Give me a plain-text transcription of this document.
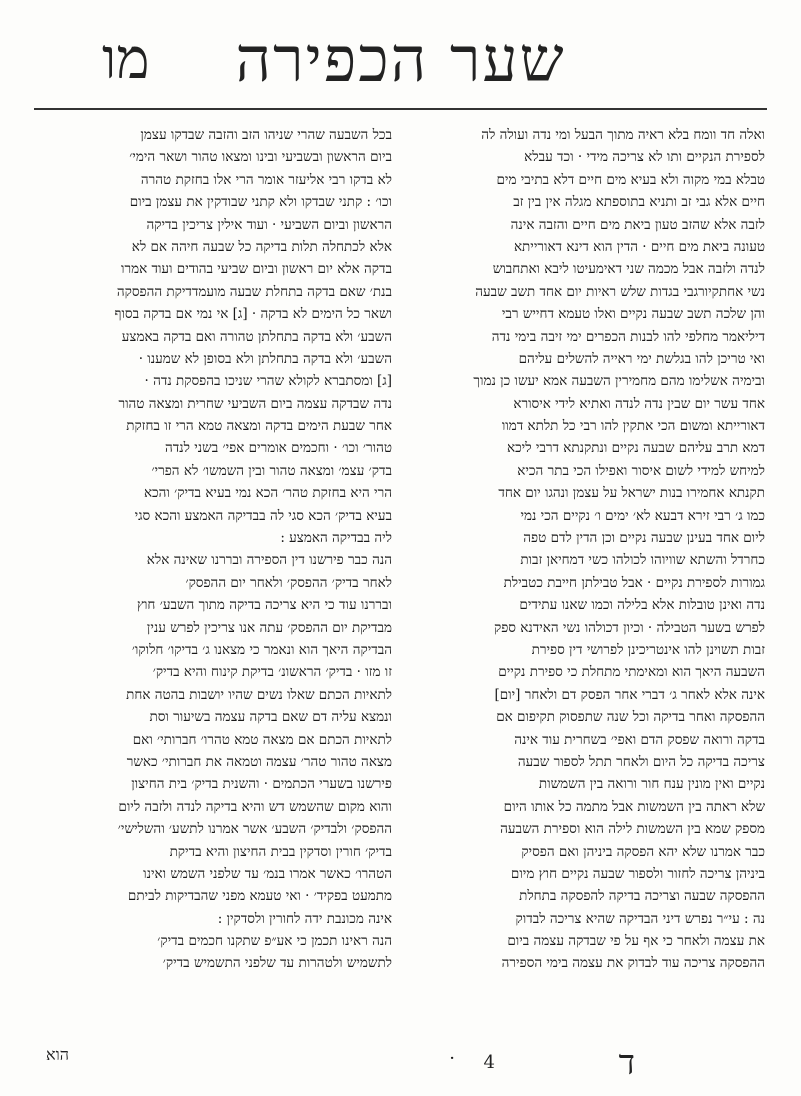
שער הכפירה
מו
ואלה חד וומח בלא ראיה מתוך הבעל ומי נדה ועולה לה
לספירת הנקיים ותו לא צריכה מידי · וכד עבלא
טבלא במי מקוה ולא בעיא מים חיים דלא בתיבי מים
חיים אלא גבי זב ותניא בתוספתא מגלה אין בין זב
לזבה אלא שהזב טעון ביאת מים חיים והזבה אינה
טעונה ביאת מים חיים · הדין הוא דינא דאורייתא
לנדה ולזבה אבל מכמה שני דאימעיטו ליבא ואתחבוש
נשי אחתקיורגבי בגדות שלש ראיות יום אחד תשב שבעה
והן שלכה תשב שבעה נקיים ואלו טעמא דחייש רבי
דיליאמר מחלפי להו לבנות הכפרים ימי זיבה בימי נדה
ואי טריכן להו בגלשת ימי ראייה להשלים עליהם
ובימיה אשלימו מהם מחמירין השבעה אמא יעשו כן נמוך
אחד עשר יום שבין נדה לנדה ואתיא לידי איסורא
דאורייתא ומשום הכי אתקין להו רבי כל תלתא דמוו
דמא תרב עליהם שבעה נקיים ונתקנתא דרבי ליכא
למיחש למידי לשום איסור ואפילו הכי בתר הכיא
תקנתא אחמירו בנות ישראל על עצמן ונהגו יום אחד
כמו ג׳ רבי זירא דבעא לא׳ ימים ו׳ נקיים הכי נמי
ליום אחד בעינן שבעה נקיים וכן הדין לדם טפה
כחרדל והשתא שוויוהו לכולהו כשי דמחיאן זבות
גמורות לספירת נקיים · אבל טבילתן חייבת כטבילת
נדה ואינן טובלות אלא בלילה וכמו שאנו עתידים
לפרש בשער הטבילה · וכיון דכולהו נשי האידנא ספק
זבות תשוינן להו אינטריכינן לפרושי דין ספירת
השבעה היאך הוא ומאימתי מתחלת כי ספירת נקיים
אינה אלא לאחר ג׳ דברי אחר הפסק דם ולאחר [יום]
ההפסקה ואחר בדיקה וכל שנה שתפסוק תקיפום אם
בדקה ורואה שפסק הדם ואפי׳ בשחרית עוד אינה
צריכה בדיקה כל היום ולאחר תתל לספור שבעה
נקיים ואין מונין ענח חור ורואה בין השמשות
שלא ראתה בין השמשות אבל מתמה כל אותו היום
מספק שמא בין השמשות לילה הוא וספירת השבעה
כבר אמרנו שלא יהא הפסקה ביניהן ואם הפסיק
ביניהן צריכה לחזור ולספור שבעה נקיים חוץ מיום
ההפסקה שבעה וצריכה בדיקה להפסקה בתחלת
נה : עי״ר נפרש דיני הבדיקה שהיא צריכה לבדוק
את עצמה ולאחר כי אף על פי שבדקה עצמה ביום
ההפסקה צריכה עוד לבדוק את עצמה בימי הספירה
בכל השבעה שהרי שניהו הזב והזבה שבדקו עצמן
ביום הראשון ובשביעי ובינו ומצאו טהור ושאר הימי׳
לא בדקו רבי אליעזר אומר הרי אלו בחזקת טהרה
וכו׳ : קתני שבדקו ולא קתני שבודקין את עצמן ביום
הראשון וביום השביעי · ועוד אילין צריכין בדיקה
אלא לכתחלה תלות בדיקה כל שבעה חיהה אם לא
בדקה אלא יום ראשון וביום שביעי בהודים ועוד אמרו
בנת׳ שאם בדקה בתחלת שבעה מועמדדיקת ההפסקה
ושאר כל הימים לא בדקה · [ג] אי נמי אם בדקה בסוף
השבע׳ ולא בדקה בתחלתן טהורה ואם בדקה באמצע
השבע׳ ולא בדקה בתחלתן ולא בסופן לא שמענו ·
[ג] ומסתברא לקולא שהרי שניכו בהפסקת נדה ·
נדה שבדקה עצמה ביום השביעי שחרית ומצאה טהור
אחר שבעת הימים בדקה ומצאה טמא הרי זו בחזקת
טהור׳ וכו׳ · וחכמים אומרים אפי׳ בשני לנדה
בדק׳ עצמ׳ ומצאה טהור ובין השמשו׳ לא הפרי׳
הרי היא בחזקת טהר׳ הכא נמי בעיא בדיק׳ והכא
בעיא בדיק׳ הכא סגי לה בבדיקה האמצע והכא סגי
ליה בבדיקה האמצע :
הנה כבר פירשנו דין הספירה ובררנו שאינה אלא
לאחר בדיק׳ ההפסק׳ ולאחר יום ההפסק׳
ובררנו עוד כי היא צריכה בדיקה מתוך השבע׳ חוץ
מבדיקת יום ההפסק׳ עתה אנו צריכין לפרש ענין
הבדיקה היאך הוא ונאמר כי מצאנו ג׳ בדיקו׳ חלוקו׳
זו מזו · בדיק׳ הראשונ׳ בדיקת קינוח והיא בדיק׳
לתאיות הכתם שאלו נשים שהיו יושבות בהטה אחת
ונמצא עליה דם שאם בדקה עצמה בשיעור וסת
לתאיות הכתם אם מצאה טמא טהרו׳ חברותי׳ ואם
מצאה טהור טהר׳ עצמה וטמאה את חברותי׳ כאשר
פירשנו בשערי הכתמים · והשנית בדיק׳ בית החיצון
והוא מקום שהשמש דש והיא בדיקה לנדה ולזבה ליום
ההפסק׳ ולבדיק׳ השבע׳ אשר אמרנו לתשע׳ והשלישי׳
בדיק׳ חורין וסדקין בבית החיצון והיא בדיקת
הטהרו׳ כאשר אמרו בנמ׳ עד שלפני השמש ואינו
מתמעט בפקיד׳ · ואי טעמא מפני שהבדיקות לביתם
אינה מכונבת ידה לחורין ולסדקין :
הנה ראינו תכמן כי אע״פ שתקנו חכמים בדיק׳
לתשמיש ולטהרות עד שלפני התשמיש בדיק׳
ד
4
·
הוא
